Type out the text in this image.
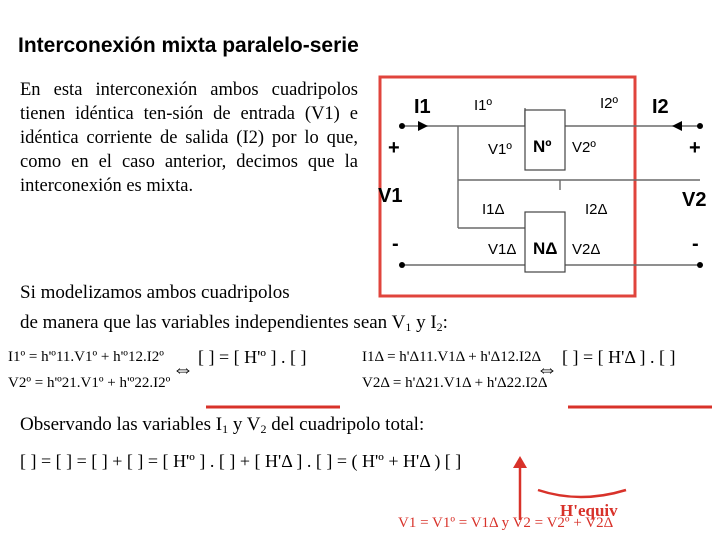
Interconexión mixta paralelo-serie
En esta interconexión ambos cuadripolos tienen idéntica ten-sión de entrada (V1) e idéntica corriente de salida (I2) por lo que, como en el caso anterior, decimos que la interconexión es mixta.
Nº
NΔ
I1	I2
V1	V2
+	+
-	-
I1º	I2º
V1º	V2º
I1Δ	I2Δ
V1Δ	V2Δ
Si modelizamos ambos cuadripolos
de manera que las variables independientes sean $V_1$ y $I_2$:
I1º = h'º11.V1º + h'º12.I2º
V2º = h'º21.V1º + h'º22.I2º
⇔ [ ] = [ H'º ] . [ ]	I1Δ = h'Δ11.V1Δ + h'Δ12.I2Δ
V2Δ = h'Δ21.V1Δ + h'Δ22.I2Δ
⇔ [ ] = [ H'Δ ] . [ ]
Observando las variables $I_1$ y $V_2$ del cuadripolo total:
[ ] = [ ] = [ ] + [ ] = [ H'º ] . [ ] + [ H'Δ ] . [ ] = ( H'º + H'Δ ) [ ]
V1 = V1º = V1Δ y V2 = V2º + V2Δ
H'equiv
